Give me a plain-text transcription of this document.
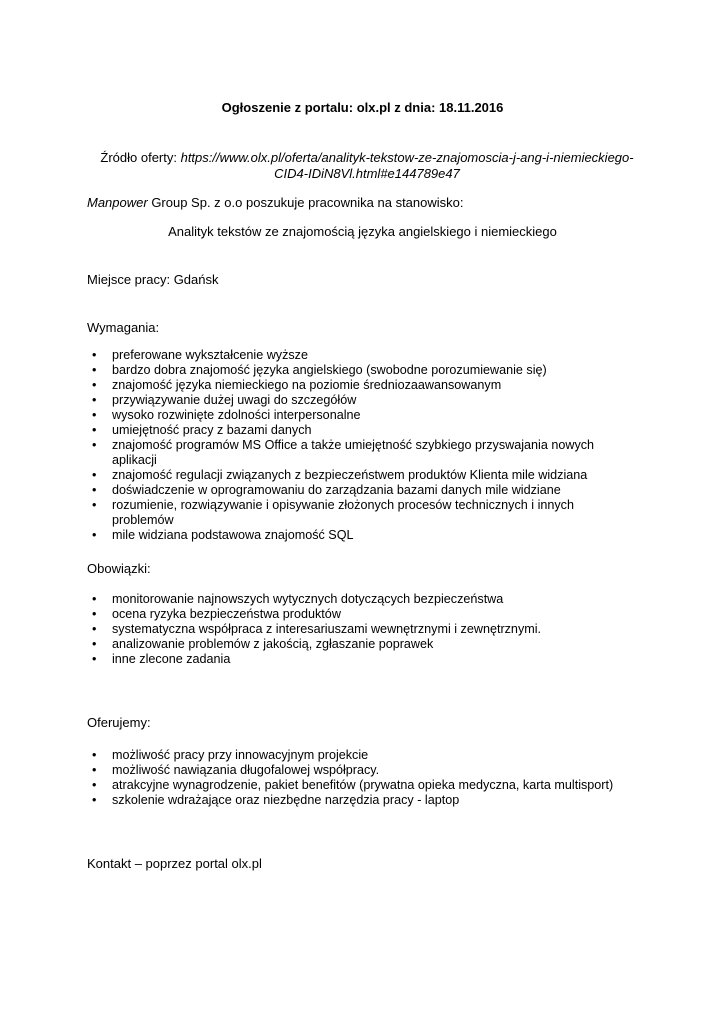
Ogłoszenie z portalu: olx.pl z dnia: 18.11.2016
Źródło oferty: https://www.olx.pl/oferta/analityk-tekstow-ze-znajomoscia-j-ang-i-niemieckiego-CID4-IDiN8Vl.html#e144789e47
Manpower Group Sp. z o.o poszukuje pracownika na stanowisko:
Analityk tekstów ze znajomością języka angielskiego i niemieckiego
Miejsce pracy: Gdańsk
Wymagania:
• preferowane wykształcenie wyższe
• bardzo dobra znajomość języka angielskiego (swobodne porozumiewanie się)
• znajomość języka niemieckiego na poziomie średniozaawansowanym
• przywiązywanie dużej uwagi do szczegółów
• wysoko rozwinięte zdolności interpersonalne
• umiejętność pracy z bazami danych
• znajomość programów MS Office a także umiejętność szybkiego przyswajania nowych aplikacji
• znajomość regulacji związanych z bezpieczeństwem produktów Klienta mile widziana
• doświadczenie w oprogramowaniu do zarządzania bazami danych mile widziane
• rozumienie, rozwiązywanie i opisywanie złożonych procesów technicznych i innych problemów
• mile widziana podstawowa znajomość SQL
Obowiązki:
• monitorowanie najnowszych wytycznych dotyczących bezpieczeństwa
• ocena ryzyka bezpieczeństwa produktów
• systematyczna współpraca z interesariuszami wewnętrznymi i zewnętrznymi.
• analizowanie problemów z jakością, zgłaszanie poprawek
• inne zlecone zadania
Oferujemy:
• możliwość pracy przy innowacyjnym projekcie
• możliwość nawiązania długofalowej współpracy.
• atrakcyjne wynagrodzenie, pakiet benefitów (prywatna opieka medyczna, karta multisport)
• szkolenie wdrażające oraz niezbędne narzędzia pracy - laptop
Kontakt – poprzez portal olx.pl
